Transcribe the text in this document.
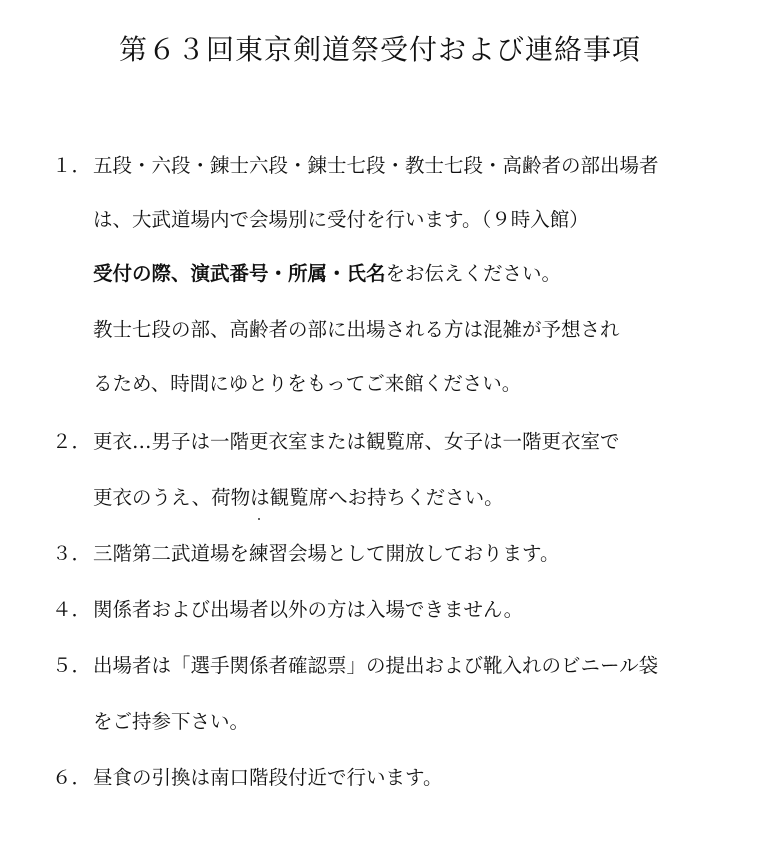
第６３回東京剣道祭受付および連絡事項
１． 五段・六段・錬士六段・錬士七段・教士七段・高齢者の部出場者
は、大武道場内で会場別に受付を行います。（９時入館）
受付の際、演武番号・所属・氏名をお伝えください。
教士七段の部、高齢者の部に出場される方は混雑が予想され
るため、時間にゆとりをもってご来館ください。
２． 更衣…男子は一階更衣室または観覧席、女子は一階更衣室で
更衣のうえ、荷物は観覧席へお持ちください。
３． 三階第二武道場を練習会場として開放しております。
４． 関係者および出場者以外の方は入場できません。
５． 出場者は「選手関係者確認票」の提出および靴入れのビニール袋
をご持参下さい。
６． 昼食の引換は南口階段付近で行います。
